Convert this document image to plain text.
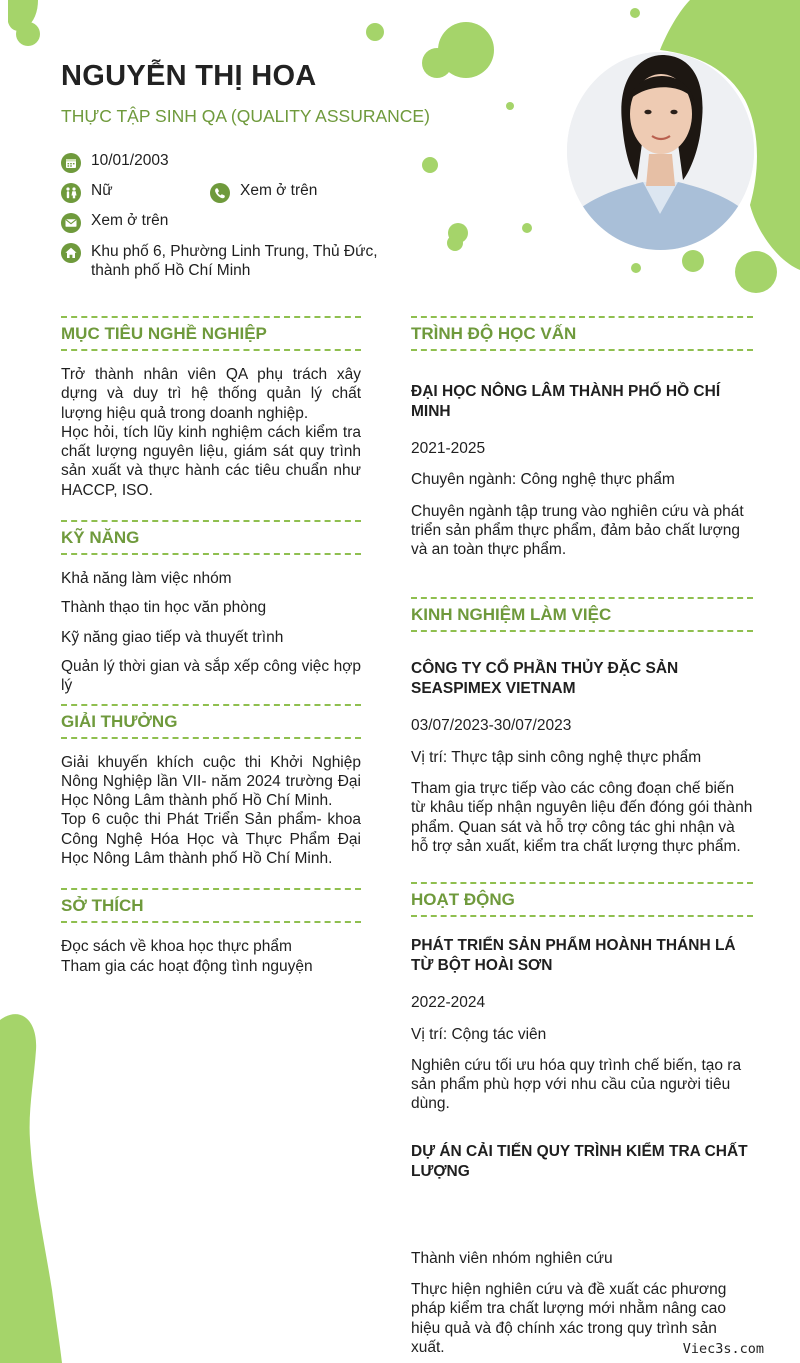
NGUYỄN THỊ HOA
THỰC TẬP SINH QA (QUALITY ASSURANCE)
10/01/2003
Nữ	Xem ở trên
Xem ở trên
Khu phố 6, Phường Linh Trung, Thủ Đức, thành phố Hồ Chí Minh
MỤC TIÊU NGHỀ NGHIỆP
Trở thành nhân viên QA phụ trách xây dựng và duy trì hệ thống quản lý chất lượng hiệu quả trong doanh nghiệp.
Học hỏi, tích lũy kinh nghiệm cách kiểm tra chất lượng nguyên liệu, giám sát quy trình sản xuất và thực hành các tiêu chuẩn như HACCP, ISO.
KỸ NĂNG
Khả năng làm việc nhóm
Thành thạo tin học văn phòng
Kỹ năng giao tiếp và thuyết trình
Quản lý thời gian và sắp xếp công việc hợp lý
GIẢI THƯỞNG
Giải khuyến khích cuộc thi Khởi Nghiệp Nông Nghiệp lần VII- năm 2024 trường Đại Học Nông Lâm thành phố Hồ Chí Minh.
Top 6 cuộc thi Phát Triển Sản phẩm- khoa Công Nghệ Hóa Học và Thực Phẩm Đại Học Nông Lâm thành phố Hồ Chí Minh.
SỞ THÍCH
Đọc sách về khoa học thực phẩm
Tham gia các hoạt động tình nguyện
TRÌNH ĐỘ HỌC VẤN
ĐẠI HỌC NÔNG LÂM THÀNH PHỐ HỒ CHÍ MINH
2021-2025
Chuyên ngành: Công nghệ thực phẩm
Chuyên ngành tập trung vào nghiên cứu và phát triển sản phẩm thực phẩm, đảm bảo chất lượng và an toàn thực phẩm.
KINH NGHIỆM LÀM VIỆC
CÔNG TY CỔ PHẦN THỦY ĐẶC SẢN SEASPIMEX VIETNAM
03/07/2023-30/07/2023
Vị trí: Thực tập sinh công nghệ thực phẩm
Tham gia trực tiếp vào các công đoạn chế biến từ khâu tiếp nhận nguyên liệu đến đóng gói thành phẩm. Quan sát và hỗ trợ công tác ghi nhận và hỗ trợ sản xuất, kiểm tra chất lượng thực phẩm.
HOẠT ĐỘNG
PHÁT TRIỂN SẢN PHẨM HOÀNH THÁNH LÁ TỪ BỘT HOÀI SƠN
2022-2024
Vị trí: Cộng tác viên
Nghiên cứu tối ưu hóa quy trình chế biến, tạo ra sản phẩm phù hợp với nhu cầu của người tiêu dùng.
DỰ ÁN CẢI TIẾN QUY TRÌNH KIỂM TRA CHẤT LƯỢNG
Thành viên nhóm nghiên cứu
Thực hiện nghiên cứu và đề xuất các phương pháp kiểm tra chất lượng mới nhằm nâng cao hiệu quả và độ chính xác trong quy trình sản xuất.	Viec3s.com
